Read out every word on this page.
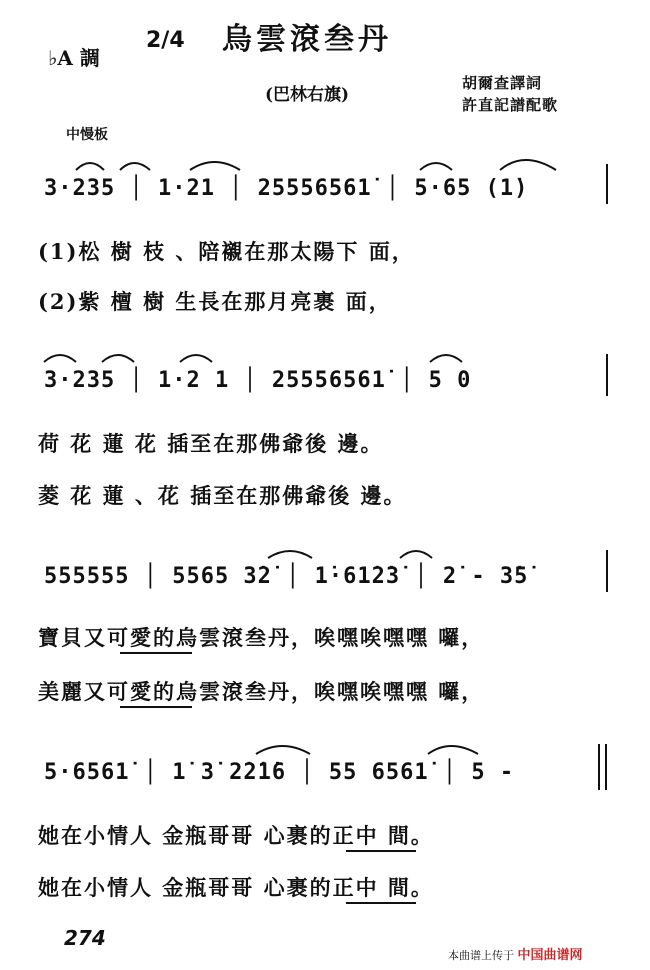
烏雲滾叁丹
♭A 調
2/4
(巴林右旗)
胡爾查譯詞
許直記譜配歌
中慢板
3·235 │ 1·21 │ 25556561̇ │ 5·65 (1̇)
(1)松 樹 枝 、陪襯在那太陽下 面，
(2)紫 檀 樹 生長在那月亮裹 面，
3·235 │ 1·2 1 │ 25556561̇ │ 5 0
荷 花 蓮 花 插至在那佛爺後 邊。
菱 花 蓮 、花 插至在那佛爺後 邊。
555555 │ 5565 3̇2̇ │ 1̇·61̇2̇3̇ │ 2̇ - 3̇5̇
寶貝又可愛的烏雲滾叁丹，唉嘿唉嘿嘿 囉，
美麗又可愛的烏雲滾叁丹，唉嘿唉嘿嘿 囉，
5·6561̇ │ 1̇ 3̇ 2̇2̇1̇6 │ 55 6561̇ │ 5 -
她在小情人 金瓶哥哥 心裹的正中 間。
她在小情人 金瓶哥哥 心裹的正中 間。
274
本曲谱上传于 中国曲谱网
